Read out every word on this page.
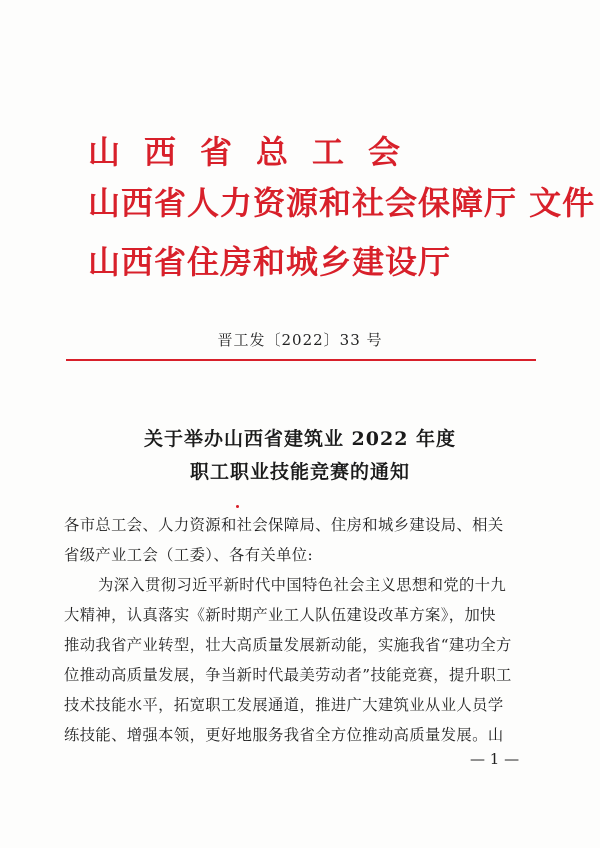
山西省总工会
山西省人力资源和社会保障厅 文件
山西省住房和城乡建设厅
晋工发〔2022〕33 号
关于举办山西省建筑业 2022 年度
职工职业技能竞赛的通知
各市总工会、人力资源和社会保障局、住房和城乡建设局、相关
省级产业工会（工委）、各有关单位:
为深入贯彻习近平新时代中国特色社会主义思想和党的十九
大精神，认真落实《新时期产业工人队伍建设改革方案》，加快
推动我省产业转型，壮大高质量发展新动能，实施我省“建功全方
位推动高质量发展，争当新时代最美劳动者”技能竞赛，提升职工
技术技能水平，拓宽职工发展通道，推进广大建筑业从业人员学
练技能、增强本领，更好地服务我省全方位推动高质量发展。山
— 1 —
